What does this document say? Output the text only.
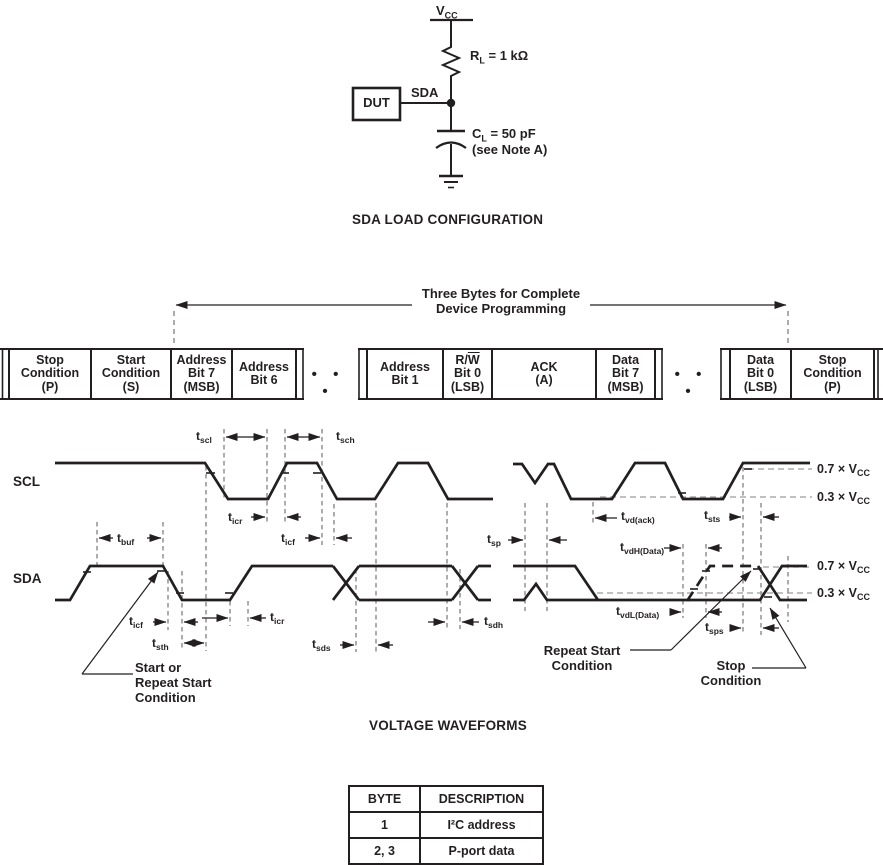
$V_{CC}$
$R_L = 1$ kΩ
SDA
DUT
$C_L = 50$ pF
(see Note A)
SDA LOAD CONFIGURATION
Three Bytes for Complete
Device Programming
Stop
Condition
(P)
Start
Condition
(S)
Address
Bit 7
(MSB)
Address
Bit 6	• • •
Address
Bit 1
$R/\overline{W}$
Bit 0
(LSB)
ACK
(A)
Data
Bit 7
(MSB)
• • •
Data
Bit 0
(LSB)
Stop
Condition
(P)
SCL
SDA
$t_{scl}$	$t_{sch}$
$t_{icr}$
$t_{icf}$
$t_{buf}$
$t_{icf}$
$t_{sth}$
$t_{icr}$
$t_{sds}$
$t_{sdh}$
$t_{sp}$
$t_{vd(ack)}$	$t_{sts}$
$t_{vdH(Data)}$
$t_{vdL(Data)}$
$t_{sps}$
$0.7 \times V_{CC}$
$0.3 \times V_{CC}$
$0.7 \times V_{CC}$
$0.3 \times V_{CC}$
Start or
Repeat Start
Condition
Repeat Start
Condition	Stop
Condition
VOLTAGE WAVEFORMS
BYTE	DESCRIPTION
1	I²C address
2, 3	P-port data
